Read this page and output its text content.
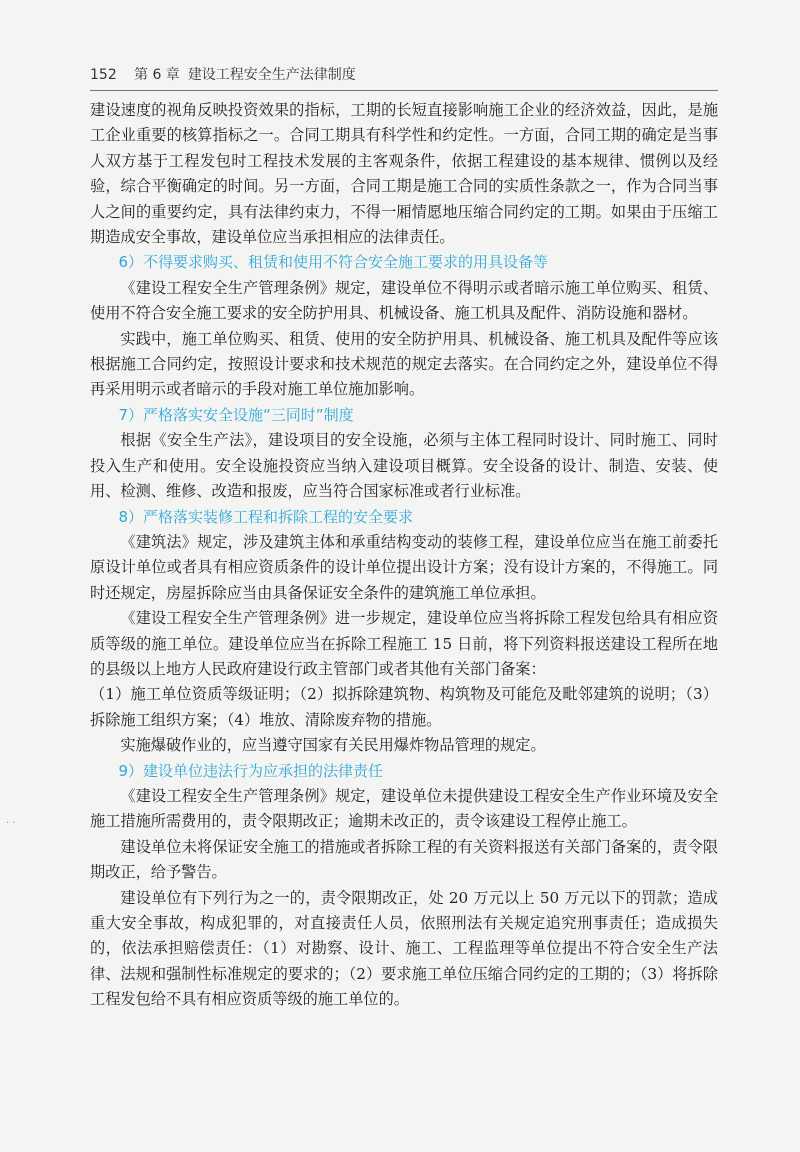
152 第 6 章 建设工程安全生产法律制度
· ·

建设速度的视角反映投资效果的指标，工期的长短直接影响施工企业的经济效益，因此，是施工企业重要的核算指标之一。合同工期具有科学性和约定性。一方面，合同工期的确定是当事人双方基于工程发包时工程技术发展的主客观条件，依据工程建设的基本规律、惯例以及经验，综合平衡确定的时间。另一方面，合同工期是施工合同的实质性条款之一，作为合同当事人之间的重要约定，具有法律约束力，不得一厢情愿地压缩合同约定的工期。如果由于压缩工期造成安全事故，建设单位应当承担相应的法律责任。

6）不得要求购买、租赁和使用不符合安全施工要求的用具设备等

《建设工程安全生产管理条例》规定，建设单位不得明示或者暗示施工单位购买、租赁、使用不符合安全施工要求的安全防护用具、机械设备、施工机具及配件、消防设施和器材。

实践中，施工单位购买、租赁、使用的安全防护用具、机械设备、施工机具及配件等应该根据施工合同约定，按照设计要求和技术规范的规定去落实。在合同约定之外，建设单位不得再采用明示或者暗示的手段对施工单位施加影响。

7）严格落实安全设施“三同时”制度

根据《安全生产法》，建设项目的安全设施，必须与主体工程同时设计、同时施工、同时投入生产和使用。安全设施投资应当纳入建设项目概算。安全设备的设计、制造、安装、使用、检测、维修、改造和报废，应当符合国家标准或者行业标准。

8）严格落实装修工程和拆除工程的安全要求

《建筑法》规定，涉及建筑主体和承重结构变动的装修工程，建设单位应当在施工前委托原设计单位或者具有相应资质条件的设计单位提出设计方案；没有设计方案的，不得施工。同时还规定，房屋拆除应当由具备保证安全条件的建筑施工单位承担。

《建设工程安全生产管理条例》进一步规定，建设单位应当将拆除工程发包给具有相应资质等级的施工单位。建设单位应当在拆除工程施工 15 日前，将下列资料报送建设工程所在地的县级以上地方人民政府建设行政主管部门或者其他有关部门备案：

（1）施工单位资质等级证明；（2）拟拆除建筑物、构筑物及可能危及毗邻建筑的说明；（3）拆除施工组织方案；（4）堆放、清除废弃物的措施。

实施爆破作业的，应当遵守国家有关民用爆炸物品管理的规定。

9）建设单位违法行为应承担的法律责任

《建设工程安全生产管理条例》规定，建设单位未提供建设工程安全生产作业环境及安全施工措施所需费用的，责令限期改正；逾期未改正的，责令该建设工程停止施工。

建设单位未将保证安全施工的措施或者拆除工程的有关资料报送有关部门备案的，责令限期改正，给予警告。

建设单位有下列行为之一的，责令限期改正，处 20 万元以上 50 万元以下的罚款；造成重大安全事故，构成犯罪的，对直接责任人员，依照刑法有关规定追究刑事责任；造成损失的，依法承担赔偿责任：（1）对勘察、设计、施工、工程监理等单位提出不符合安全生产法律、法规和强制性标准规定的要求的；（2）要求施工单位压缩合同约定的工期的；（3）将拆除工程发包给不具有相应资质等级的施工单位的。
